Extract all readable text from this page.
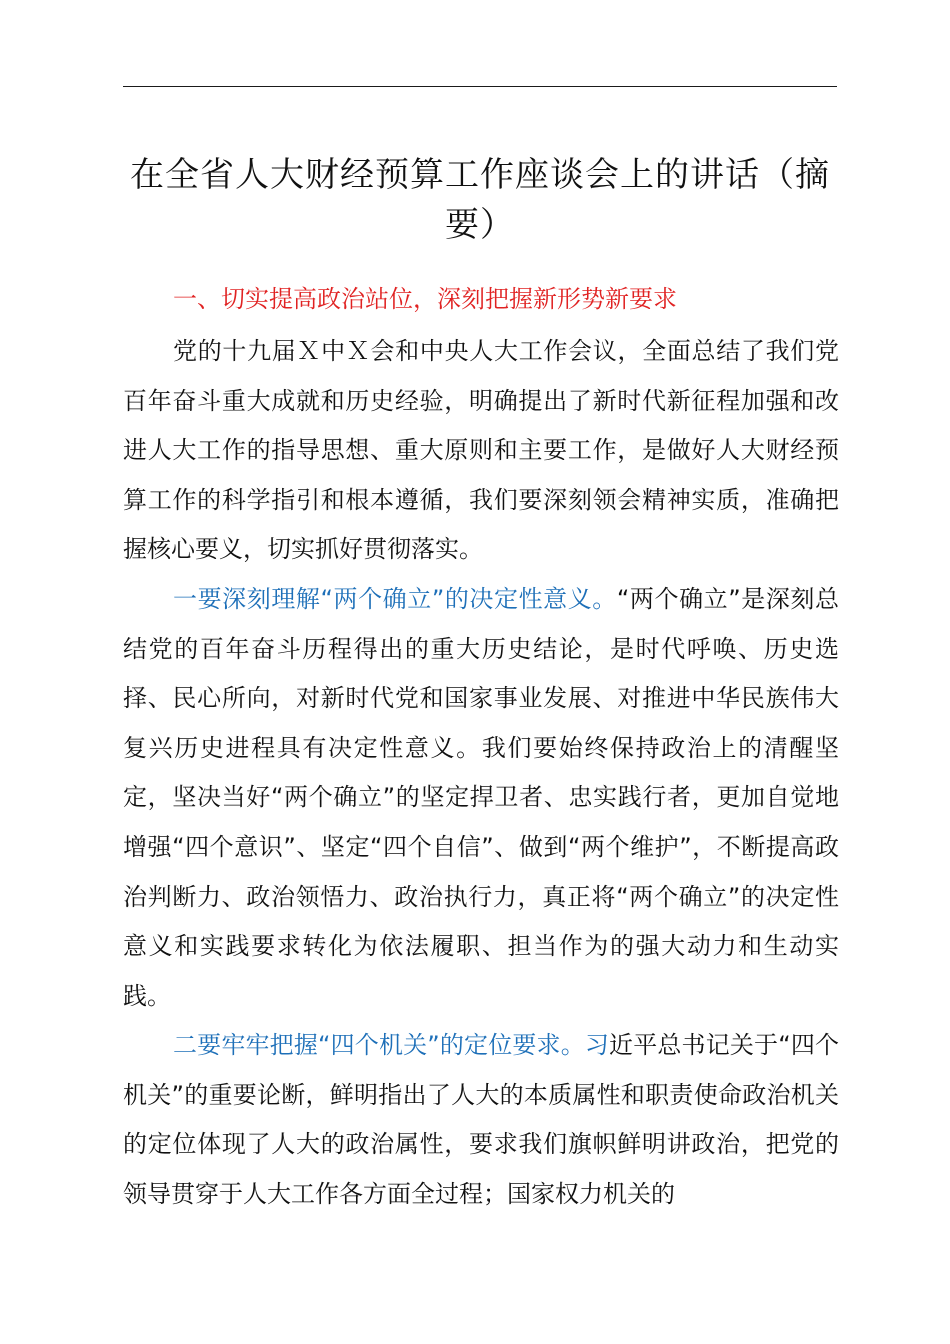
在全省人大财经预算工作座谈会上的讲话（摘要）
一、切实提高政治站位，深刻把握新形势新要求

党的十九届Ｘ中Ｘ会和中央人大工作会议，全面总结了我们党百年奋斗重大成就和历史经验，明确提出了新时代新征程加强和改进人大工作的指导思想、重大原则和主要工作，是做好人大财经预算工作的科学指引和根本遵循，我们要深刻领会精神实质，准确把握核心要义，切实抓好贯彻落实。

一要深刻理解“两个确立”的决定性意义。“两个确立”是深刻总结党的百年奋斗历程得出的重大历史结论，是时代呼唤、历史选择、民心所向，对新时代党和国家事业发展、对推进中华民族伟大复兴历史进程具有决定性意义。我们要始终保持政治上的清醒坚定，坚决当好“两个确立”的坚定捍卫者、忠实践行者，更加自觉地增强“四个意识”、坚定“四个自信”、做到“两个维护”，不断提高政治判断力、政治领悟力、政治执行力，真正将“两个确立”的决定性意义和实践要求转化为依法履职、担当作为的强大动力和生动实践。

二要牢牢把握“四个机关”的定位要求。习近平总书记关于“四个机关”的重要论断，鲜明指出了人大的本质属性和职责使命政治机关的定位体现了人大的政治属性，要求我们旗帜鲜明讲政治，把党的领导贯穿于人大工作各方面全过程；国家权力机关的
